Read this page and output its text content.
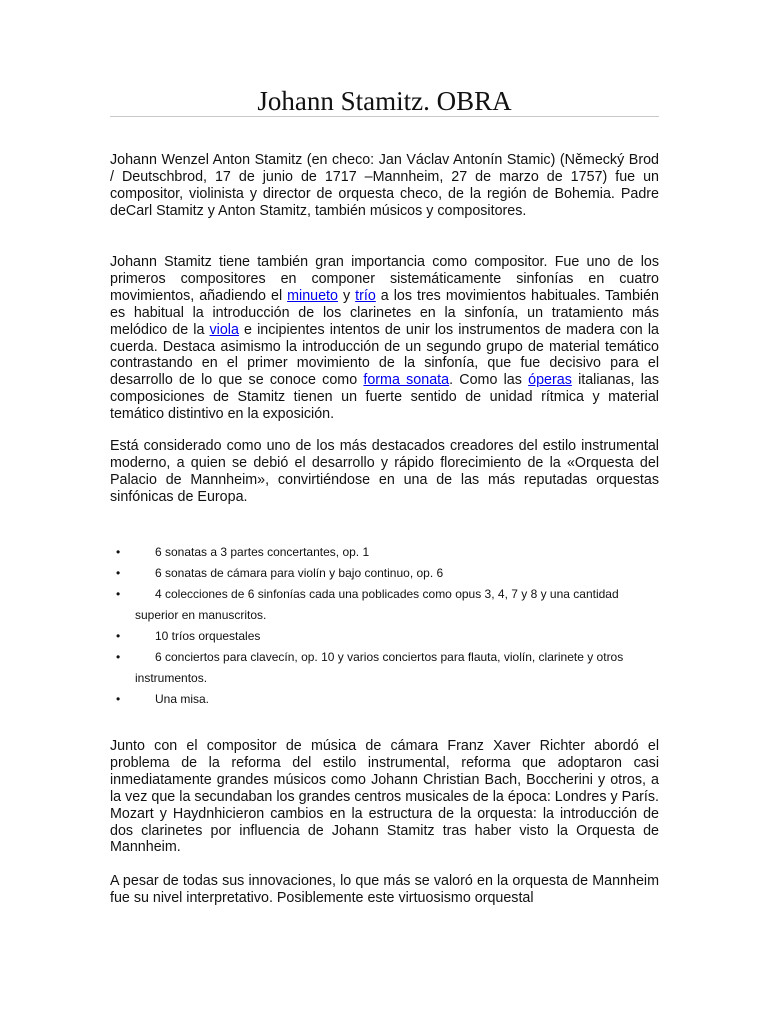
Johann Stamitz. OBRA

Johann Wenzel Anton Stamitz (en checo: Jan Václav Antonín Stamic) (Německý Brod / Deutschbrod, 17 de junio de 1717 –Mannheim, 27 de marzo de 1757) fue un compositor, violinista y director de orquesta checo, de la región de Bohemia. Padre deCarl Stamitz y Anton Stamitz, también músicos y compositores.

Johann Stamitz tiene también gran importancia como compositor. Fue uno de los primeros compositores en componer sistemáticamente sinfonías en cuatro movimientos, añadiendo el minueto y trío a los tres movimientos habituales. También es habitual la introducción de los clarinetes en la sinfonía, un tratamiento más melódico de la viola e incipientes intentos de unir los instrumentos de madera con la cuerda. Destaca asimismo la introducción de un segundo grupo de material temático contrastando en el primer movimiento de la sinfonía, que fue decisivo para el desarrollo de lo que se conoce como forma sonata. Como las óperas italianas, las composiciones de Stamitz tienen un fuerte sentido de unidad rítmica y material temático distintivo en la exposición.

Está considerado como uno de los más destacados creadores del estilo instrumental moderno, a quien se debió el desarrollo y rápido florecimiento de la «Orquesta del Palacio de Mannheim», convirtiéndose en una de las más reputadas orquestas sinfónicas de Europa.

•	6 sonatas a 3 partes concertantes, op. 1
•	6 sonatas de cámara para violín y bajo continuo, op. 6
•	4 colecciones de 6 sinfonías cada una poblicades como opus 3, 4, 7 y 8 y una cantidad superior en manuscritos.
•	10 tríos orquestales
•	6 conciertos para clavecín, op. 10 y varios conciertos para flauta, violín, clarinete y otros instrumentos.
•	Una misa.

Junto con el compositor de música de cámara Franz Xaver Richter abordó el problema de la reforma del estilo instrumental, reforma que adoptaron casi inmediatamente grandes músicos como Johann Christian Bach, Boccherini y otros, a la vez que la secundaban los grandes centros musicales de la época: Londres y París. Mozart y Haydnhicieron cambios en la estructura de la orquesta: la introducción de dos clarinetes por influencia de Johann Stamitz tras haber visto la Orquesta de Mannheim.

A pesar de todas sus innovaciones, lo que más se valoró en la orquesta de Mannheim fue su nivel interpretativo. Posiblemente este virtuosismo orquestal
